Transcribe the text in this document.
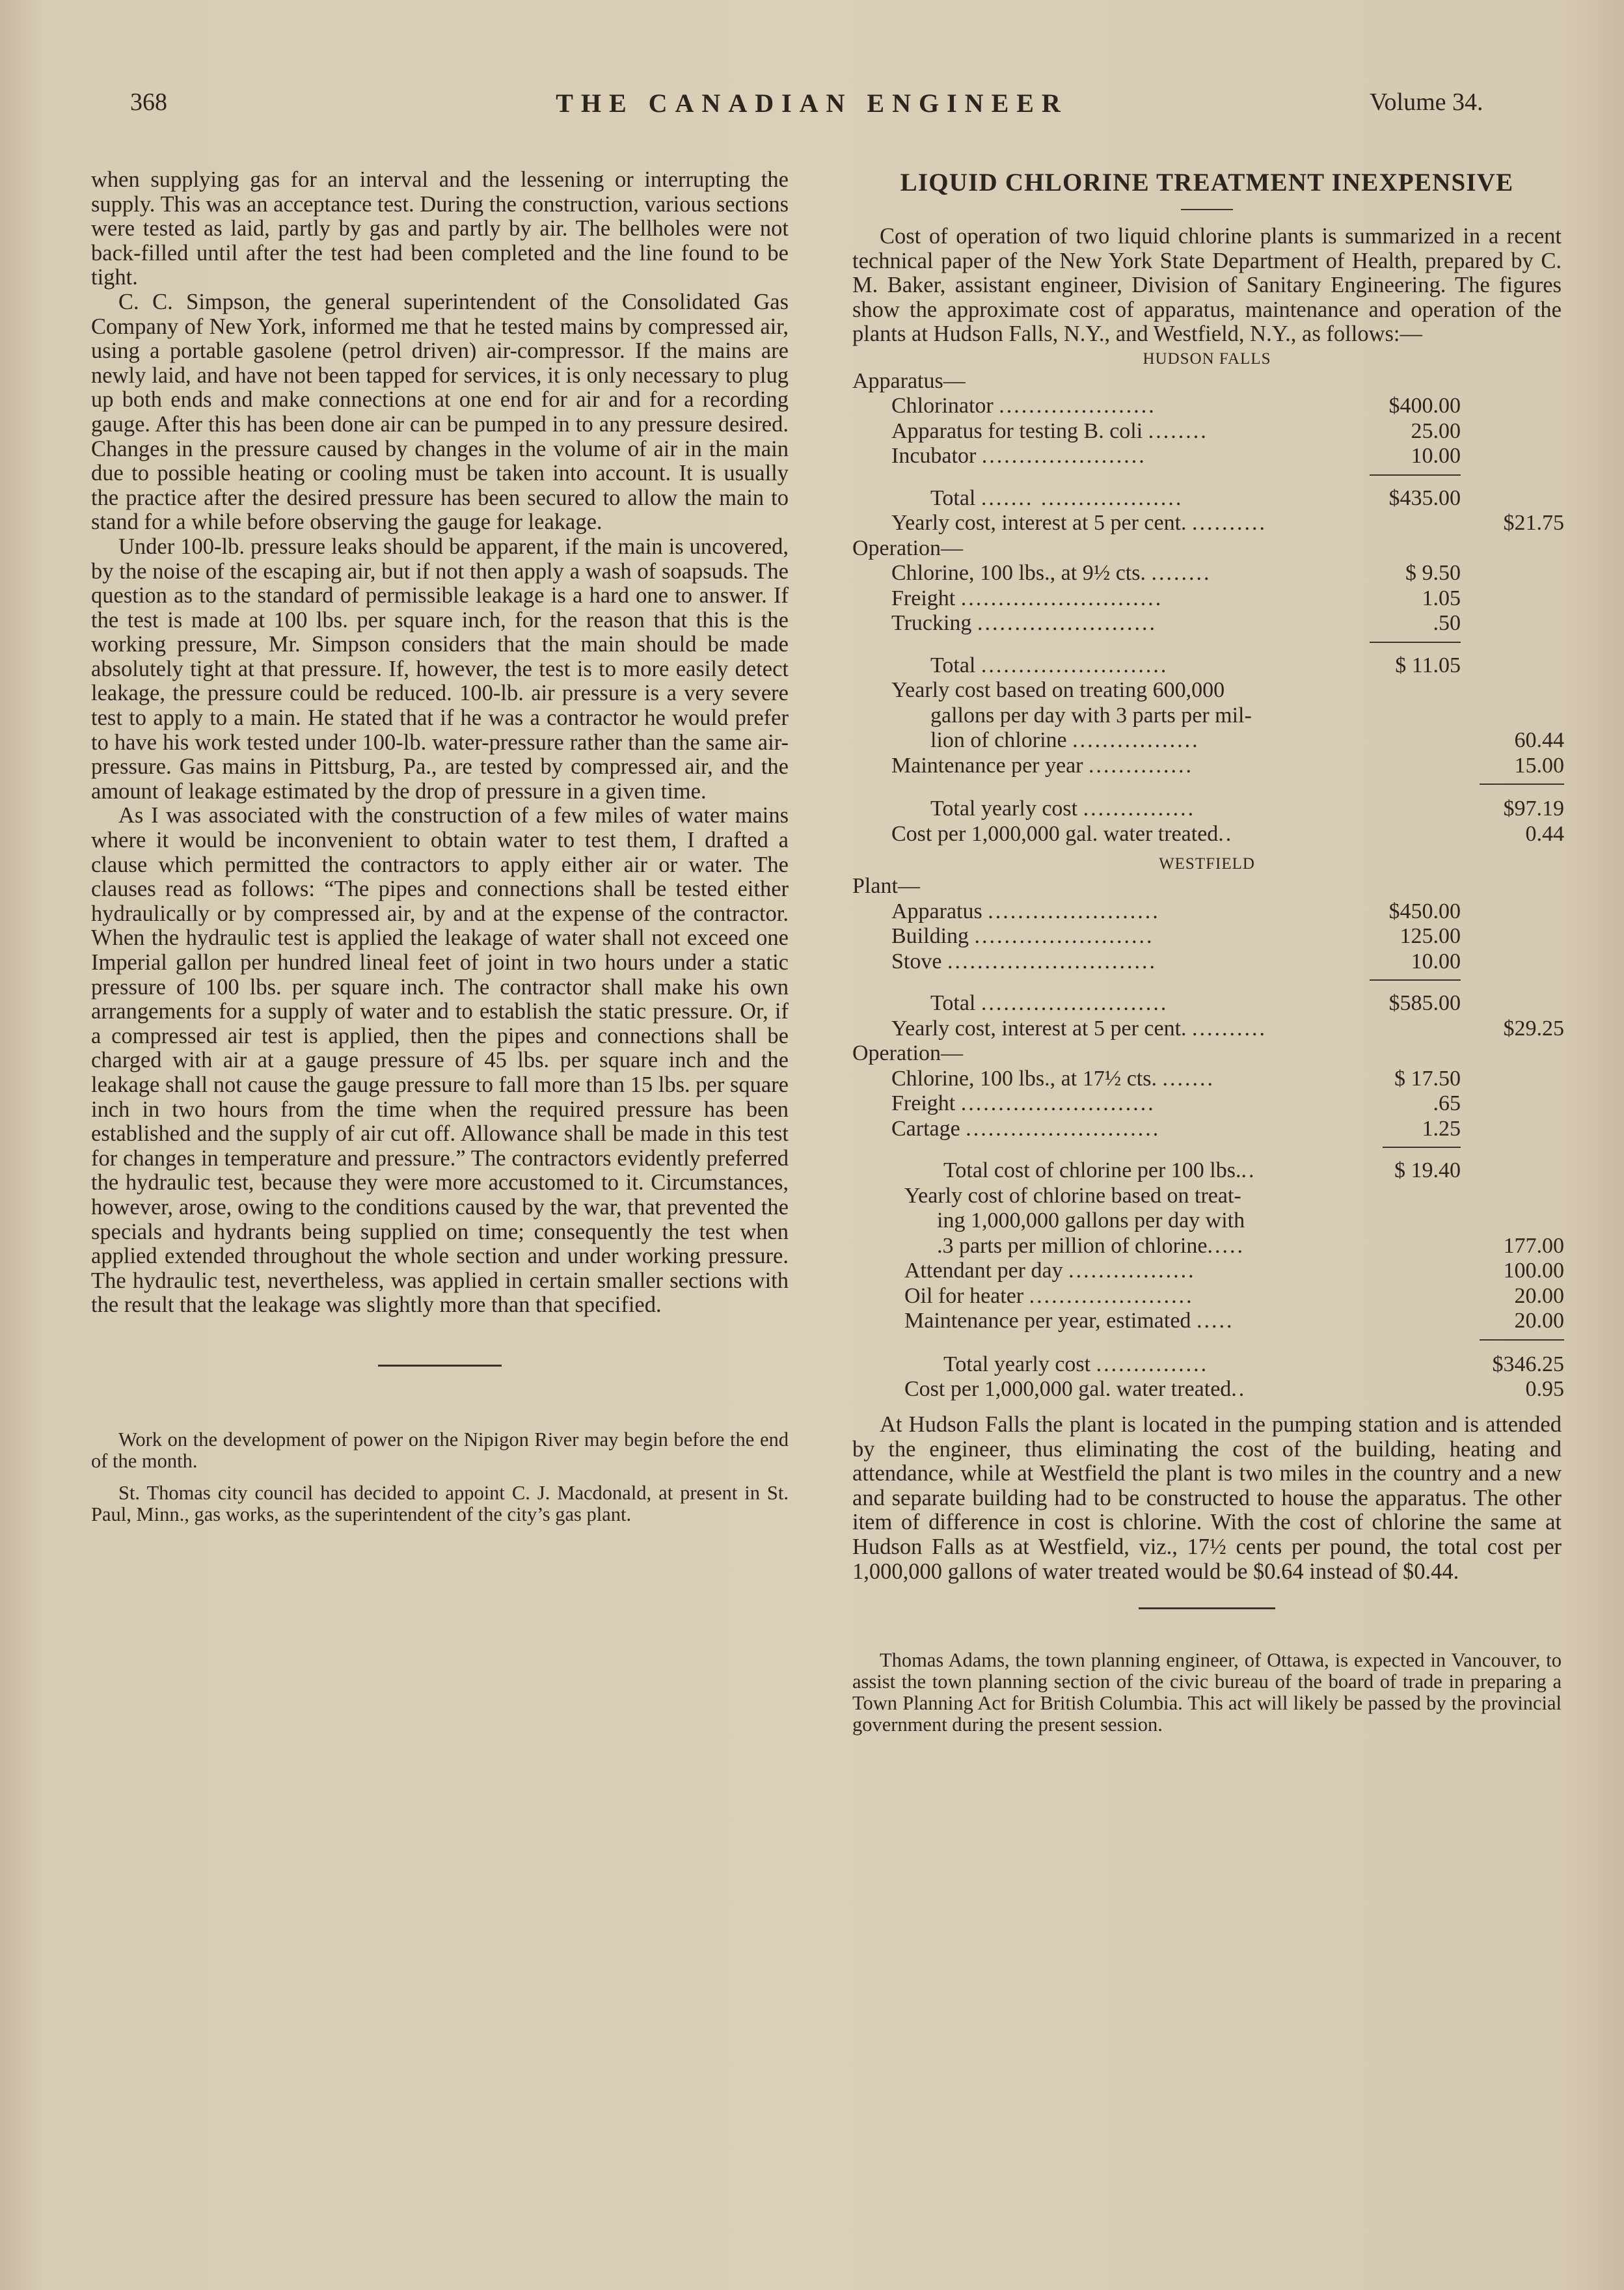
368	THE CANADIAN ENGINEER	Volume 34.

when supplying gas for an interval and the lessening or interrupting the supply. This was an acceptance test. During the construction, various sections were tested as laid, partly by gas and partly by air. The bellholes were not back-filled until after the test had been completed and the line found to be tight.

C. C. Simpson, the general superintendent of the Consolidated Gas Company of New York, informed me that he tested mains by compressed air, using a portable gasolene (petrol driven) air-compressor. If the mains are newly laid, and have not been tapped for services, it is only necessary to plug up both ends and make connections at one end for air and for a recording gauge. After this has been done air can be pumped in to any pressure desired. Changes in the pressure caused by changes in the volume of air in the main due to possible heating or cooling must be taken into account. It is usually the practice after the desired pressure has been secured to allow the main to stand for a while before observing the gauge for leakage.

Under 100-lb. pressure leaks should be apparent, if the main is uncovered, by the noise of the escaping air, but if not then apply a wash of soapsuds. The question as to the standard of permissible leakage is a hard one to answer. If the test is made at 100 lbs. per square inch, for the reason that this is the working pressure, Mr. Simpson considers that the main should be made absolutely tight at that pressure. If, however, the test is to more easily detect leakage, the pressure could be reduced. 100-lb. air pressure is a very severe test to apply to a main. He stated that if he was a contractor he would prefer to have his work tested under 100-lb. water-pressure rather than the same air-pressure. Gas mains in Pittsburg, Pa., are tested by compressed air, and the amount of leakage estimated by the drop of pressure in a given time.

As I was associated with the construction of a few miles of water mains where it would be inconvenient to obtain water to test them, I drafted a clause which permitted the contractors to apply either air or water. The clauses read as follows: “The pipes and connections shall be tested either hydraulically or by compressed air, by and at the expense of the contractor. When the hydraulic test is applied the leakage of water shall not exceed one Imperial gallon per hundred lineal feet of joint in two hours under a static pressure of 100 lbs. per square inch. The contractor shall make his own arrangements for a supply of water and to establish the static pressure. Or, if a compressed air test is applied, then the pipes and connections shall be charged with air at a gauge pressure of 45 lbs. per square inch and the leakage shall not cause the gauge pressure to fall more than 15 lbs. per square inch in two hours from the time when the required pressure has been established and the supply of air cut off. Allowance shall be made in this test for changes in temperature and pressure.” The contractors evidently preferred the hydraulic test, because they were more accustomed to it. Circumstances, however, arose, owing to the conditions caused by the war, that prevented the specials and hydrants being supplied on time; consequently the test when applied extended throughout the whole section and under working pressure. The hydraulic test, nevertheless, was applied in certain smaller sections with the result that the leakage was slightly more than that specified.

Work on the development of power on the Nipigon River may begin before the end of the month.

St. Thomas city council has decided to appoint C. J. Macdonald, at present in St. Paul, Minn., gas works, as the superintendent of the city’s gas plant.

LIQUID CHLORINE TREATMENT INEXPENSIVE

Cost of operation of two liquid chlorine plants is summarized in a recent technical paper of the New York State Department of Health, prepared by C. M. Baker, assistant engineer, Division of Sanitary Engineering. The figures show the approximate cost of apparatus, maintenance and operation of the plants at Hudson Falls, N.Y., and Westfield, N.Y., as follows:—

HUDSON FALLS
Apparatus—
Chlorinator .....................	$400.00
Apparatus for testing B. coli ........	25.00
Incubator ......................	10.00
Total ....... ...................	$435.00
Yearly cost, interest at 5 per cent. ..........	$21.75
Operation—
Chlorine, 100 lbs., at 9½ cts. ........	$ 9.50
Freight ...........................	1.05
Trucking ........................	.50
Total .........................	$ 11.05
Yearly cost based on treating 600,000
gallons per day with 3 parts per mil-
lion of chlorine .................	60.44
Maintenance per year ..............	15.00
Total yearly cost ...............	$97.19
Cost per 1,000,000 gal. water treated..	0.44
WESTFIELD
Plant—
Apparatus .......................	$450.00
Building ........................	125.00
Stove ............................	10.00
Total .........................	$585.00
Yearly cost, interest at 5 per cent. ..........	$29.25
Operation—
Chlorine, 100 lbs., at 17½ cts. .......	$ 17.50
Freight ..........................	.65
Cartage ..........................	1.25
Total cost of chlorine per 100 lbs...	$ 19.40
Yearly cost of chlorine based on treat-
ing 1,000,000 gallons per day with
.3 parts per million of chlorine.....	177.00
Attendant per day .................	100.00
Oil for heater ......................	20.00
Maintenance per year, estimated .....	20.00
Total yearly cost ...............	$346.25
Cost per 1,000,000 gal. water treated..	0.95

At Hudson Falls the plant is located in the pumping station and is attended by the engineer, thus eliminating the cost of the building, heating and attendance, while at Westfield the plant is two miles in the country and a new and separate building had to be constructed to house the apparatus. The other item of difference in cost is chlorine. With the cost of chlorine the same at Hudson Falls as at Westfield, viz., 17½ cents per pound, the total cost per 1,000,000 gallons of water treated would be $0.64 instead of $0.44.

Thomas Adams, the town planning engineer, of Ottawa, is expected in Vancouver, to assist the town planning section of the civic bureau of the board of trade in preparing a Town Planning Act for British Columbia. This act will likely be passed by the provincial government during the present session.
